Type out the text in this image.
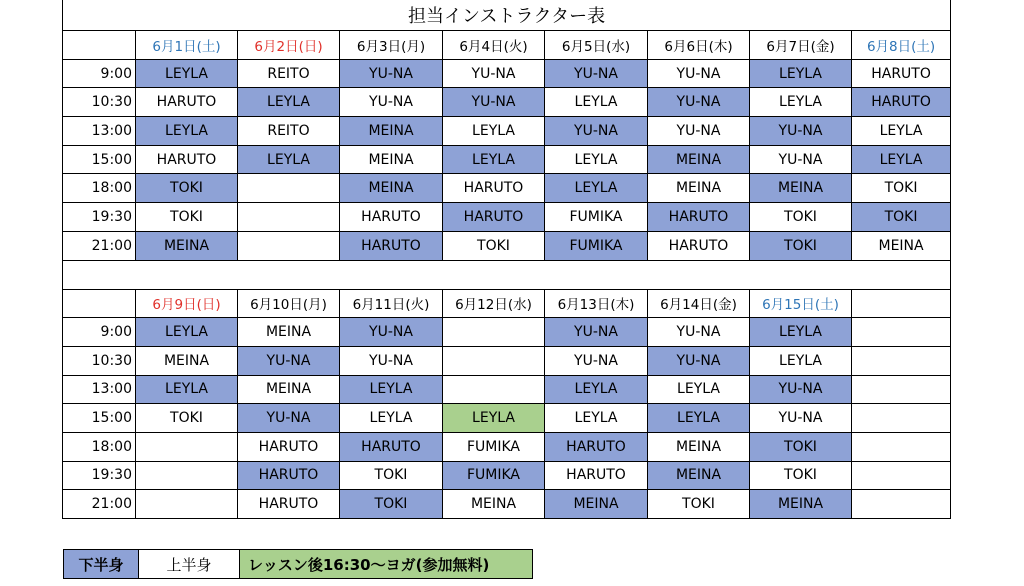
担当インストラクター表								
	6月1日(土)	6月2日(日)	6月3日(月)	6月4日(火)	6月5日(水)	6月6日(木)	6月7日(金)	6月8日(土)
9:00	LEYLA	REITO	YU-NA	YU-NA	YU-NA	YU-NA	LEYLA	HARUTO
10:30	HARUTO	LEYLA	YU-NA	YU-NA	LEYLA	YU-NA	LEYLA	HARUTO
13:00	LEYLA	REITO	MEINA	LEYLA	YU-NA	YU-NA	YU-NA	LEYLA
15:00	HARUTO	LEYLA	MEINA	LEYLA	LEYLA	MEINA	YU-NA	LEYLA
18:00	TOKI		MEINA	HARUTO	LEYLA	MEINA	MEINA	TOKI
19:30	TOKI		HARUTO	HARUTO	FUMIKA	HARUTO	TOKI	TOKI
21:00	MEINA		HARUTO	TOKI	FUMIKA	HARUTO	TOKI	MEINA

	6月9日(日)	6月10日(月)	6月11日(火)	6月12日(水)	6月13日(木)	6月14日(金)	6月15日(土)	
9:00	LEYLA	MEINA	YU-NA		YU-NA	YU-NA	LEYLA	
10:30	MEINA	YU-NA	YU-NA		YU-NA	YU-NA	LEYLA	
13:00	LEYLA	MEINA	LEYLA		LEYLA	LEYLA	YU-NA	
15:00	TOKI	YU-NA	LEYLA	LEYLA	LEYLA	LEYLA	YU-NA	
18:00		HARUTO	HARUTO	FUMIKA	HARUTO	MEINA	TOKI	
19:30		HARUTO	TOKI	FUMIKA	HARUTO	MEINA	TOKI	
21:00		HARUTO	TOKI	MEINA	MEINA	TOKI	MEINA	
下半身	上半身	レッスン後16:30～ヨガ(参加無料)
